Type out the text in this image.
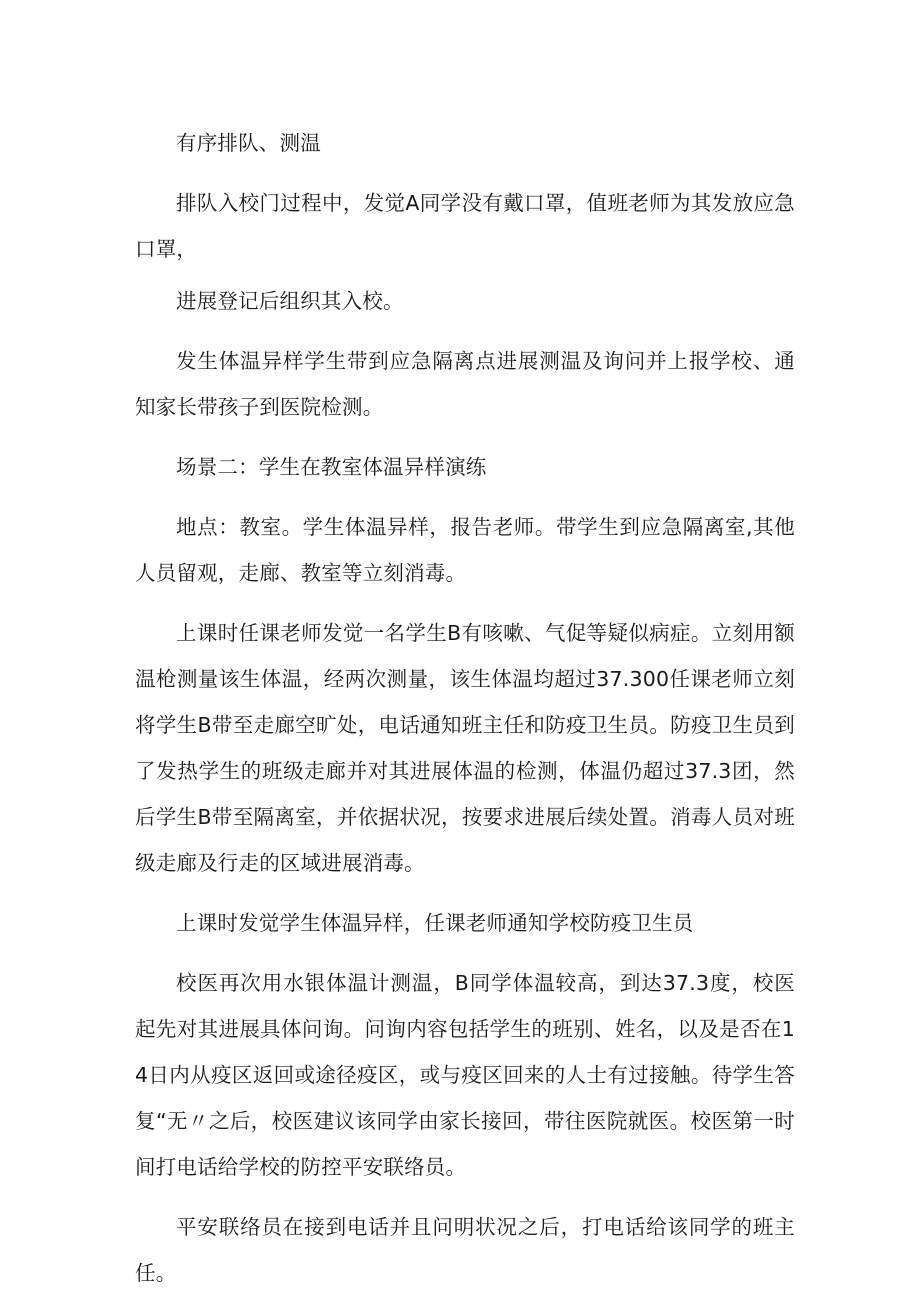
有序排队、测温

排队入校门过程中，发觉A同学没有戴口罩，值班老师为其发放应急口罩，

进展登记后组织其入校。

发生体温异样学生带到应急隔离点进展测温及询问并上报学校、通知家长带孩子到医院检测。

场景二：学生在教室体温异样演练

地点：教室。学生体温异样，报告老师。带学生到应急隔离室,其他人员留观，走廊、教室等立刻消毒。

上课时任课老师发觉一名学生B有咳嗽、气促等疑似病症。立刻用额温枪测量该生体温，经两次测量，该生体温均超过37.300任课老师立刻将学生B带至走廊空旷处，电话通知班主任和防疫卫生员。防疫卫生员到了发热学生的班级走廊并对其进展体温的检测，体温仍超过37.3团，然后学生B带至隔离室，并依据状况，按要求进展后续处置。消毒人员对班级走廊及行走的区域进展消毒。

上课时发觉学生体温异样，任课老师通知学校防疫卫生员

校医再次用水银体温计测温，B同学体温较高，到达37.3度，校医起先对其进展具体问询。问询内容包括学生的班别、姓名，以及是否在14日内从疫区返回或途径疫区，或与疫区回来的人士有过接触。待学生答复“无〃之后，校医建议该同学由家长接回，带往医院就医。校医第一时间打电话给学校的防控平安联络员。

平安联络员在接到电话并且问明状况之后，打电话给该同学的班主任。
